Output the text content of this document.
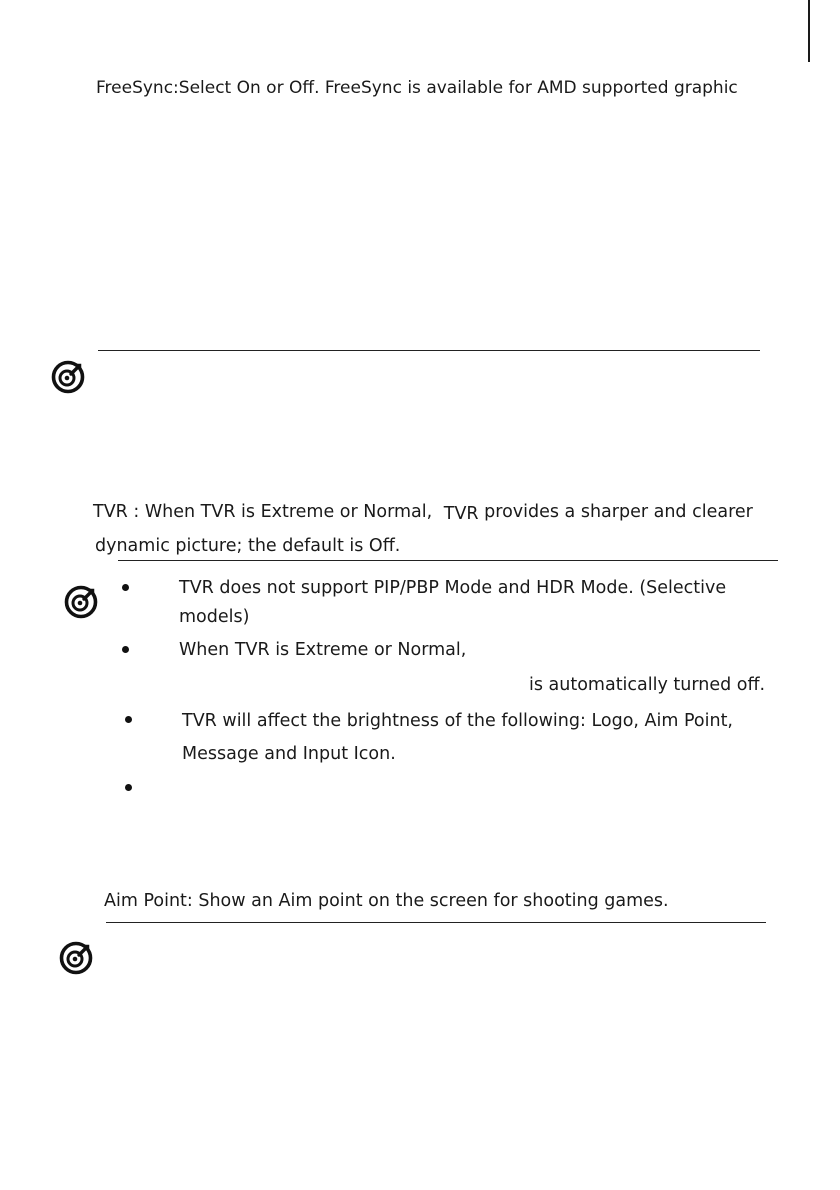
FreeSync:Select On or Off. FreeSync is available for AMD supported graphic
TVR : When TVR is Extreme or Normal, TVR provides a sharper and clearer
dynamic picture; the default is Off.
TVR does not support PIP/PBP Mode and HDR Mode. (Selective
models)
When TVR is Extreme or Normal,
is automatically turned off.
TVR will affect the brightness of the following: Logo, Aim Point,
Message and Input Icon.
Aim Point: Show an Aim point on the screen for shooting games.
